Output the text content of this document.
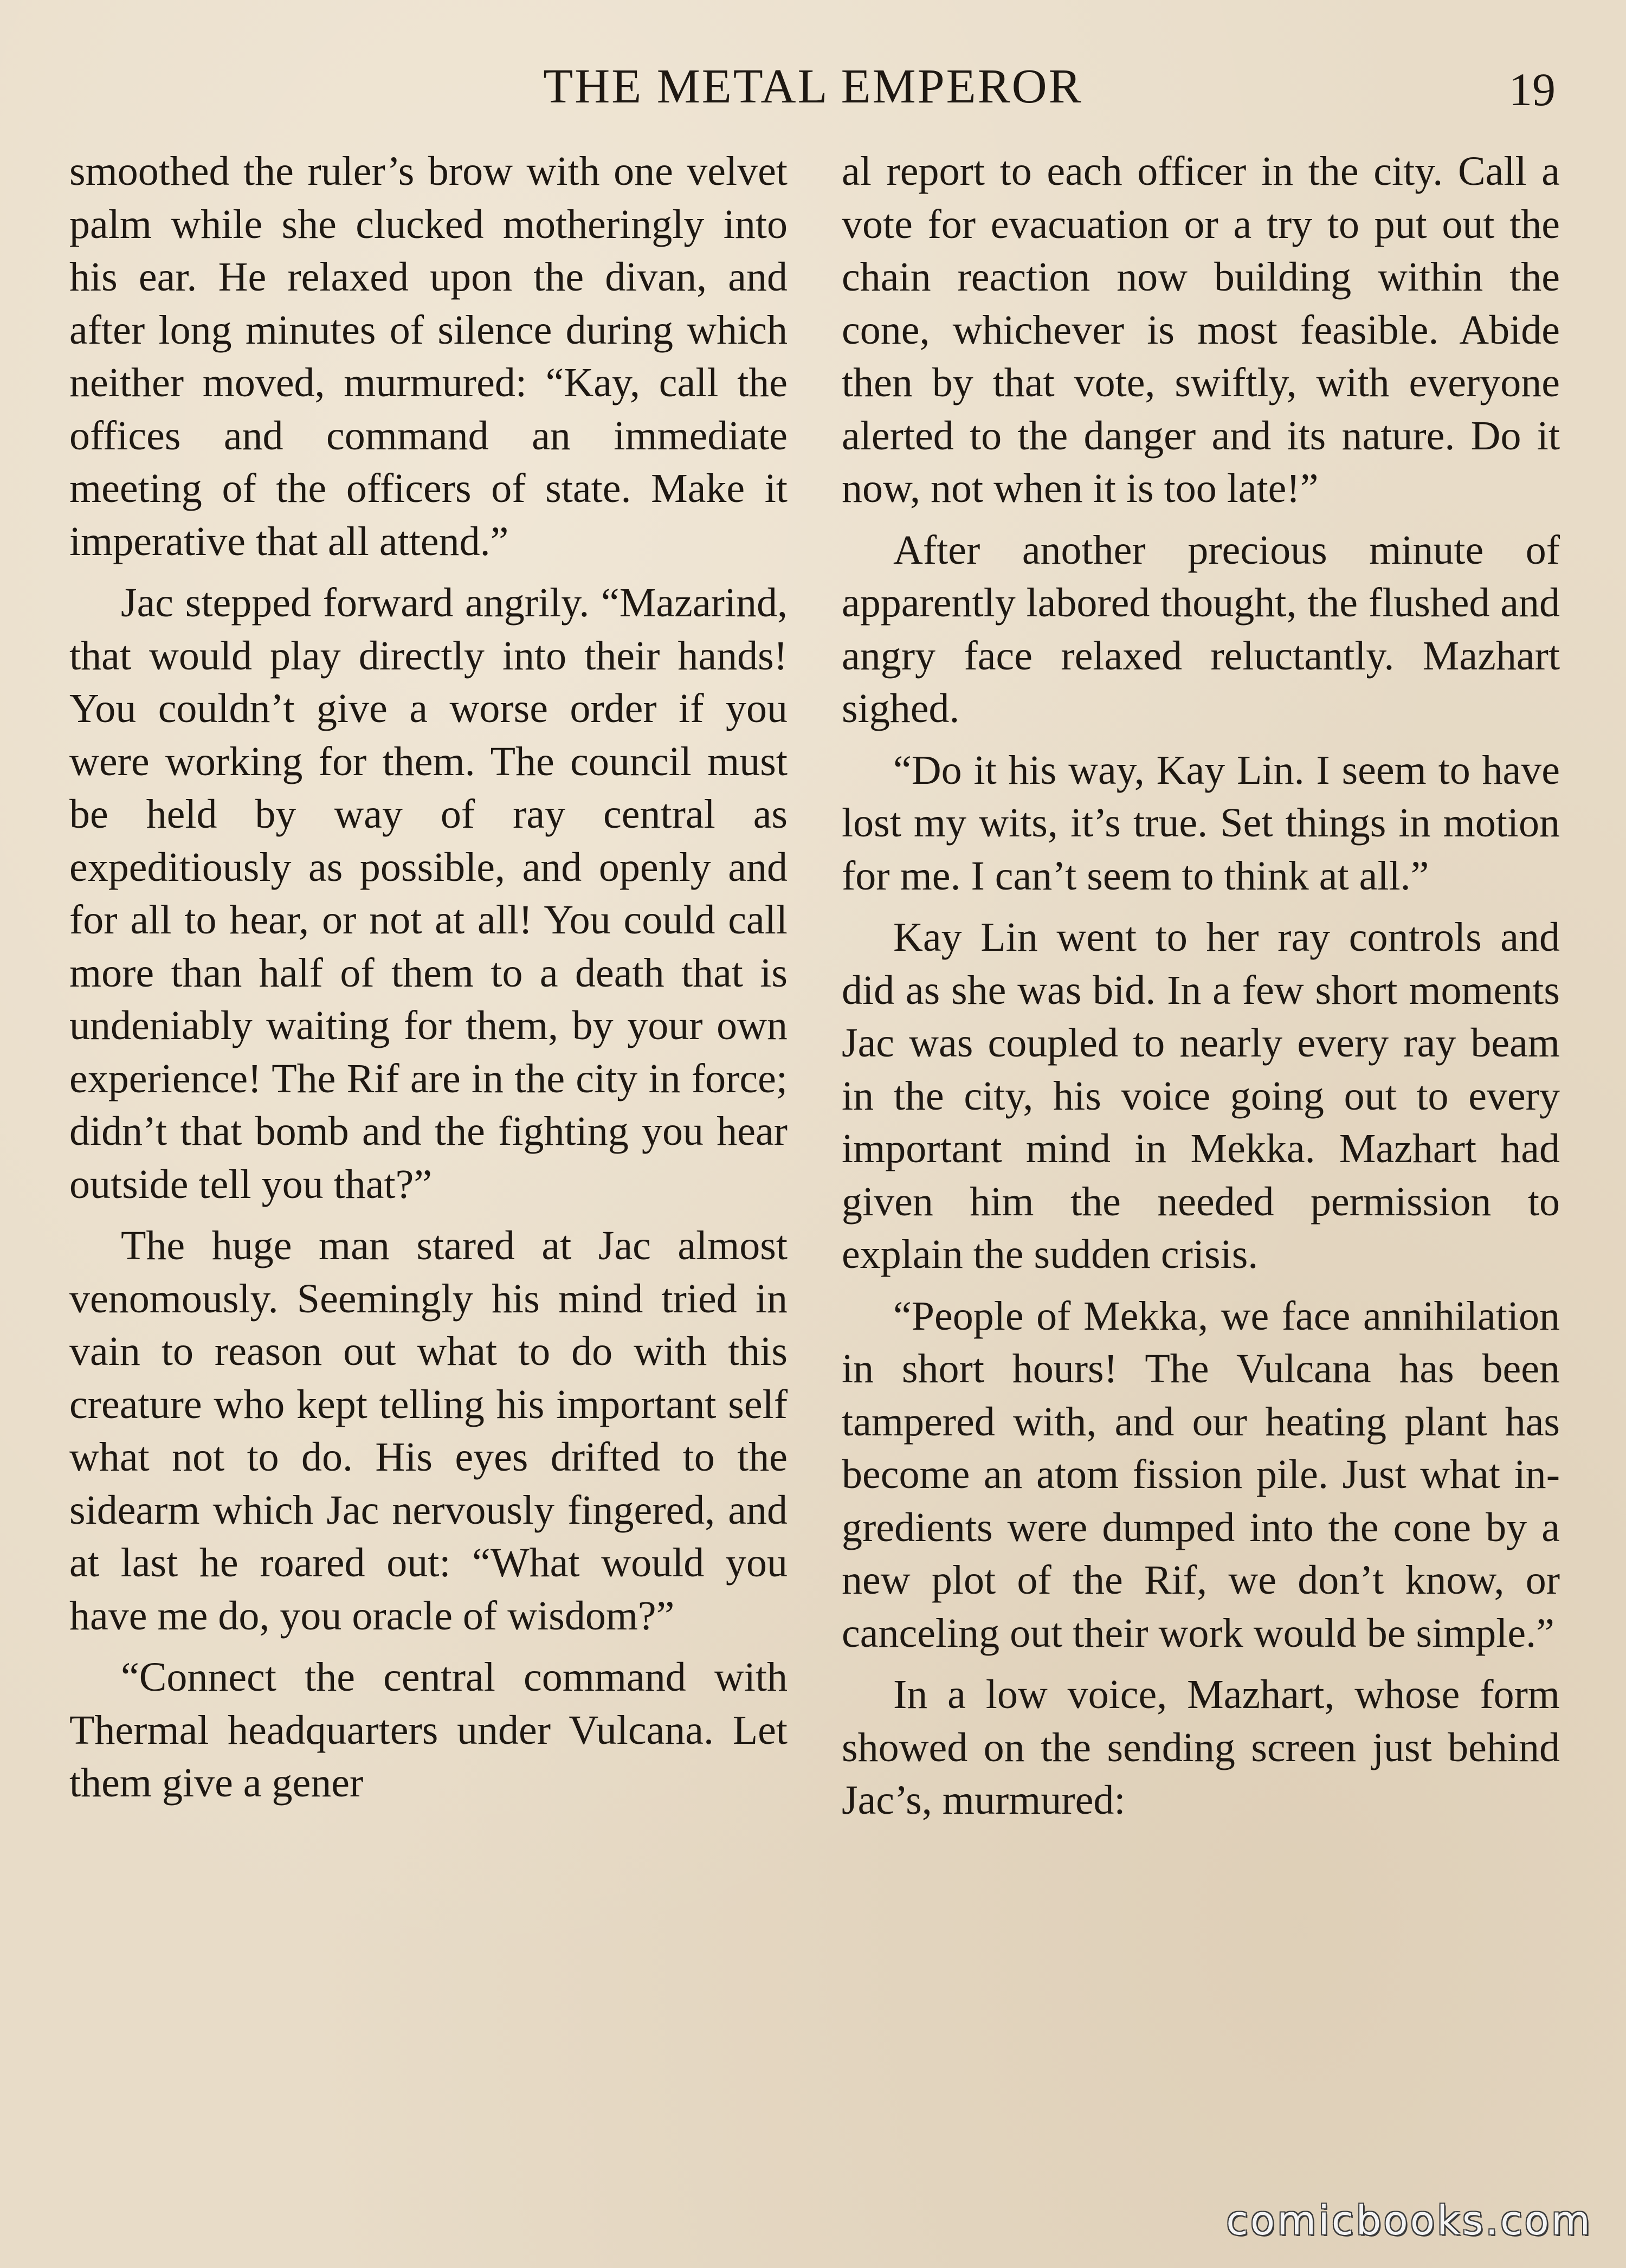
THE METAL EMPEROR	19

smoothed the ruler’s brow with one velvet palm while she clucked motheringly into his ear. He relaxed upon the divan, and after long minutes of silence during which neither moved, murmured: “Kay, call the offices and command an immediate meeting of the officers of state. Make it imperative that all attend.”

Jac stepped forward angrily. “Mazarind, that would play directly into their hands! You couldn’t give a worse order if you were working for them. The council must be held by way of ray central as expeditiously as possible, and openly and for all to hear, or not at all! You could call more than half of them to a death that is undeniably waiting for them, by your own experience! The Rif are in the city in force; didn’t that bomb and the fighting you hear outside tell you that?”

The huge man stared at Jac almost venomously. Seemingly his mind tried in vain to reason out what to do with this creature who kept telling his important self what not to do. His eyes drifted to the sidearm which Jac nervously fingered, and at last he roared out: “What would you have me do, you oracle of wisdom?”

“Connect the central command with Thermal headquarters under Vulcana. Let them give a gener

al report to each officer in the city. Call a vote for evacuation or a try to put out the chain reaction now building within the cone, whichever is most feasible. Abide then by that vote, swiftly, with everyone alerted to the danger and its nature. Do it now, not when it is too late!”

After another precious minute of apparently labored thought, the flushed and angry face relaxed reluctantly. Mazhart sighed.

“Do it his way, Kay Lin. I seem to have lost my wits, it’s true. Set things in motion for me. I can’t seem to think at all.”

Kay Lin went to her ray controls and did as she was bid. In a few short moments Jac was coupled to nearly every ray beam in the city, his voice going out to every important mind in Mekka. Mazhart had given him the needed permission to explain the sudden crisis.

“People of Mekka, we face annihilation in short hours! The Vulcana has been tampered with, and our heating plant has become an atom fission pile. Just what ingredients were dumped into the cone by a new plot of the Rif, we don’t know, or canceling out their work would be simple.”

In a low voice, Mazhart, whose form showed on the sending screen just behind Jac’s, murmured:

comicbooks.com
